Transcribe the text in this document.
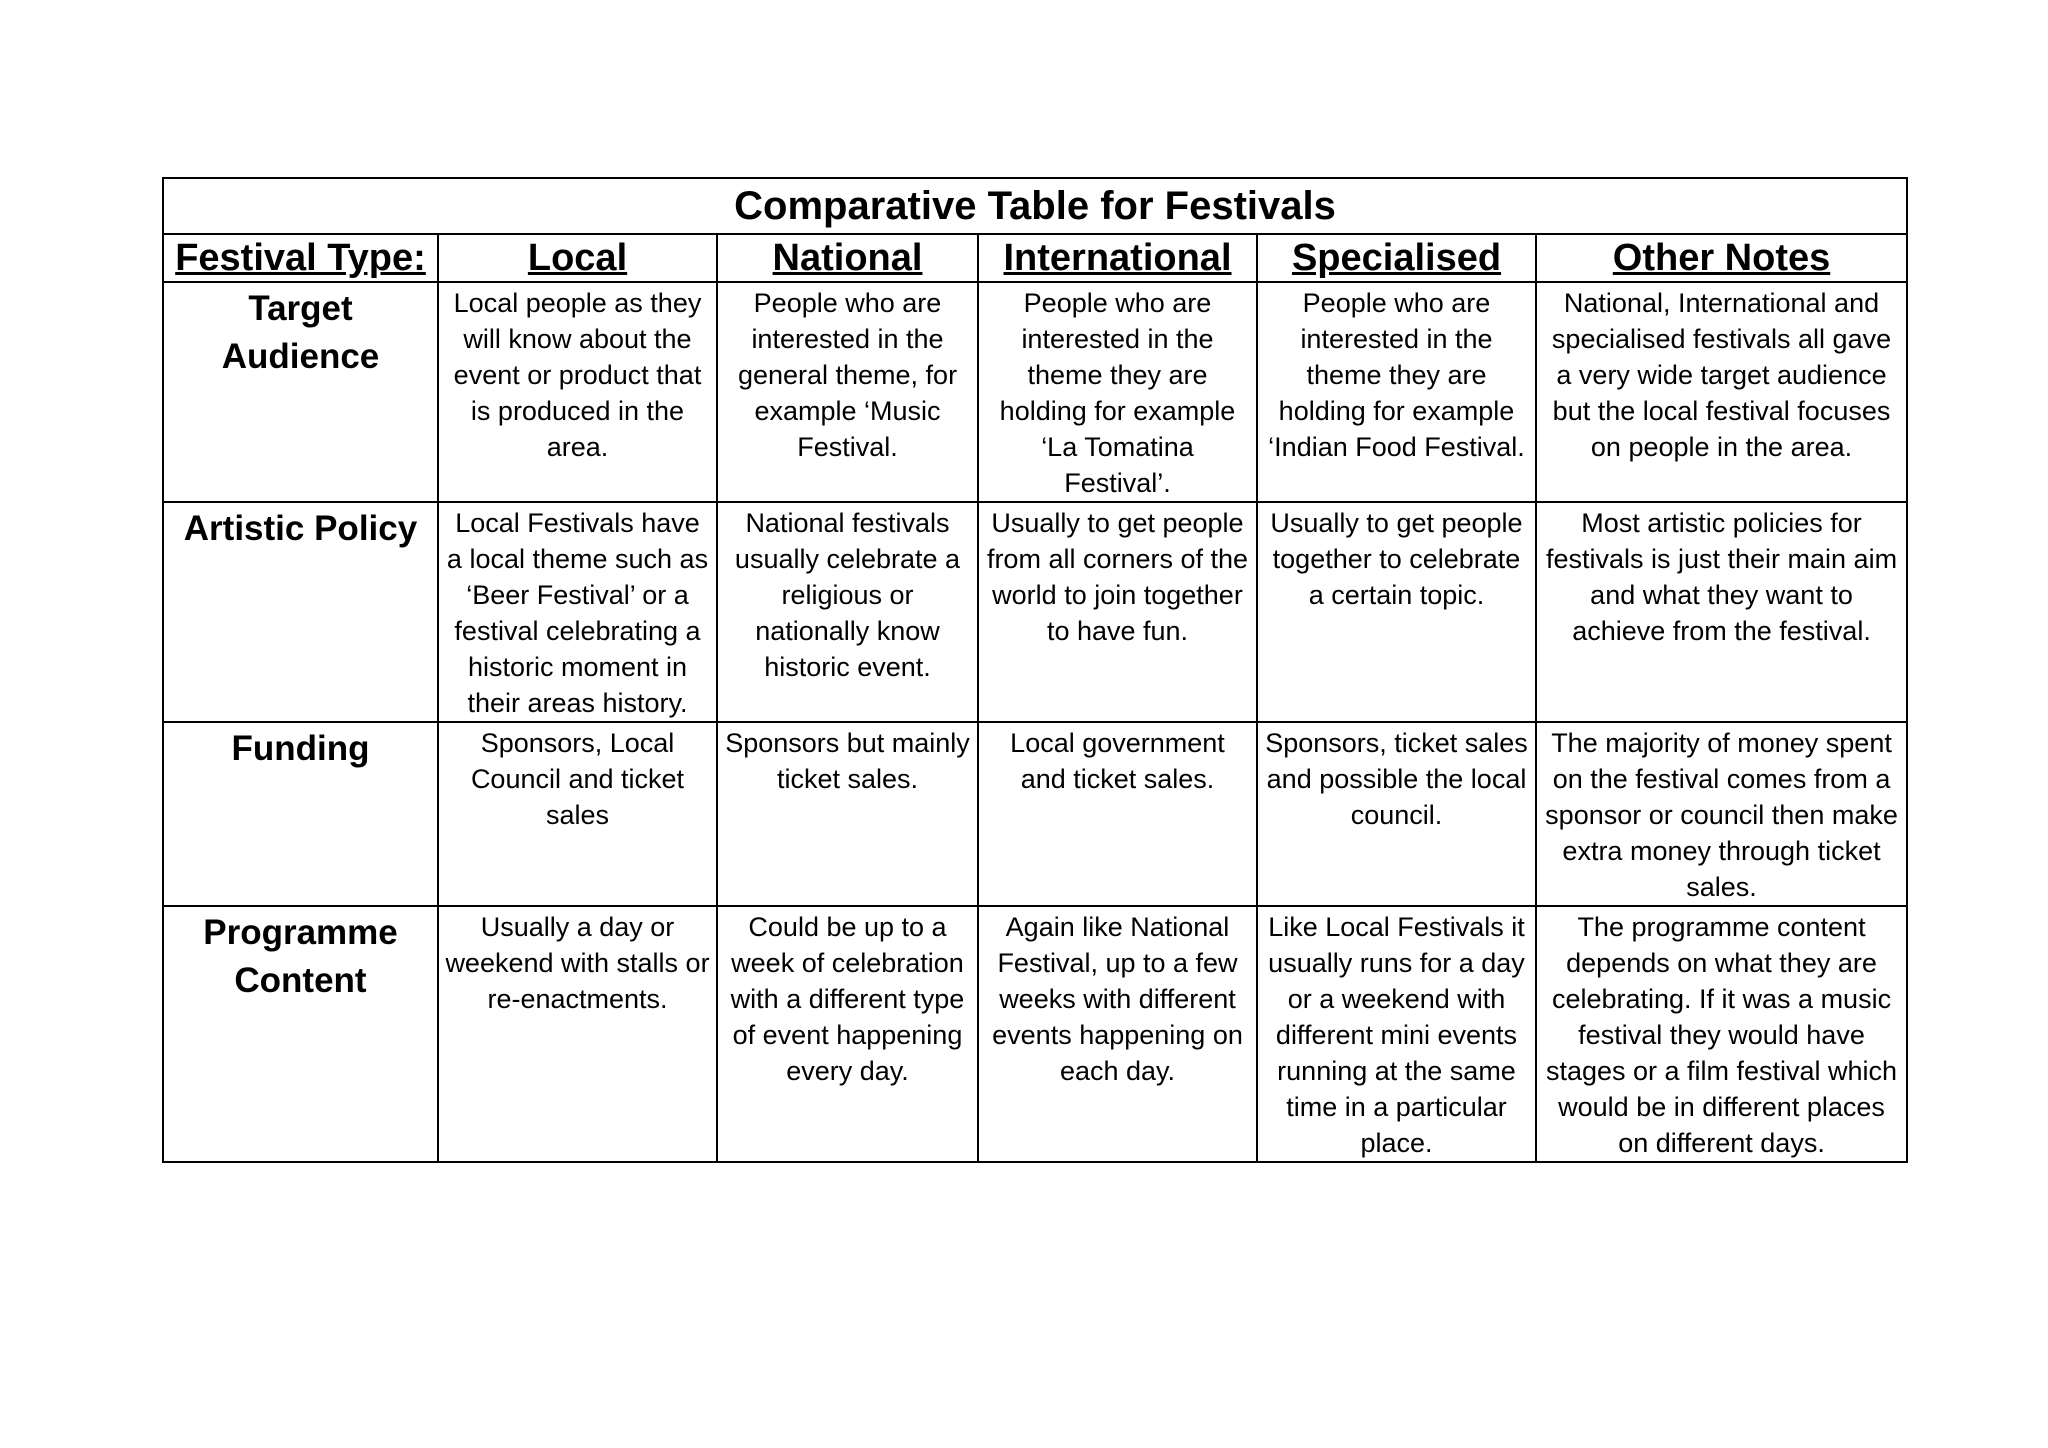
Comparative Table for Festivals					
Festival Type:	Local	National	International	Specialised	Other Notes
Target Audience	Local people as they will know about the event or product that is produced in the area.	People who are interested in the general theme, for example ‘Music Festival.	People who are interested in the theme they are holding for example ‘La Tomatina Festival’.	People who are interested in the theme they are holding for example ‘Indian Food Festival.	National, International and specialised festivals all gave a very wide target audience but the local festival focuses on people in the area.
Artistic Policy	Local Festivals have a local theme such as ‘Beer Festival’ or a festival celebrating a historic moment in their areas history.	National festivals usually celebrate a religious or nationally know historic event.	Usually to get people from all corners of the world to join together to have fun.	Usually to get people together to celebrate a certain topic.	Most artistic policies for festivals is just their main aim and what they want to achieve from the festival.
Funding	Sponsors, Local Council and ticket sales	Sponsors but mainly ticket sales.	Local government and ticket sales.	Sponsors, ticket sales and possible the local council.	The majority of money spent on the festival comes from a sponsor or council then make extra money through ticket sales.
Programme Content	Usually a day or weekend with stalls or re-enactments.	Could be up to a week of celebration with a different type of event happening every day.	Again like National Festival, up to a few weeks with different events happening on each day.	Like Local Festivals it usually runs for a day or a weekend with different mini events running at the same time in a particular place.	The programme content depends on what they are celebrating. If it was a music festival they would have stages or a film festival which would be in different places on different days.
